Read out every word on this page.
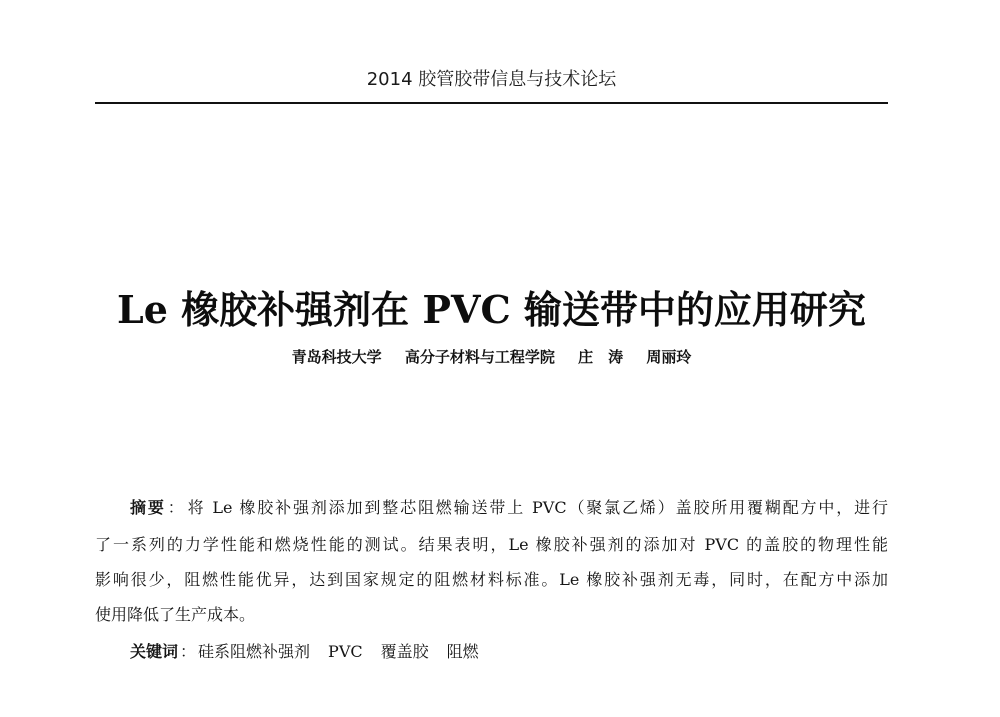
2014 胶管胶带信息与技术论坛
Le 橡胶补强剂在 PVC 输送带中的应用研究
青岛科技大学 高分子材料与工程学院 庄　涛 周丽玲
摘要 ： 将 Le 橡胶补强剂添加到整芯阻燃输送带上 PVC（聚氯乙烯）盖胶所用覆糊配方中，进行
了一系列的力学性能和燃烧性能的测试。结果表明，Le 橡胶补强剂的添加对 PVC 的盖胶的物理性能
影响很少，阻燃性能优异，达到国家规定的阻燃材料标准。Le 橡胶补强剂无毒，同时，在配方中添加
使用降低了生产成本。
关键词 ： 硅系阻燃补强剂 PVC 覆盖胶 阻燃
